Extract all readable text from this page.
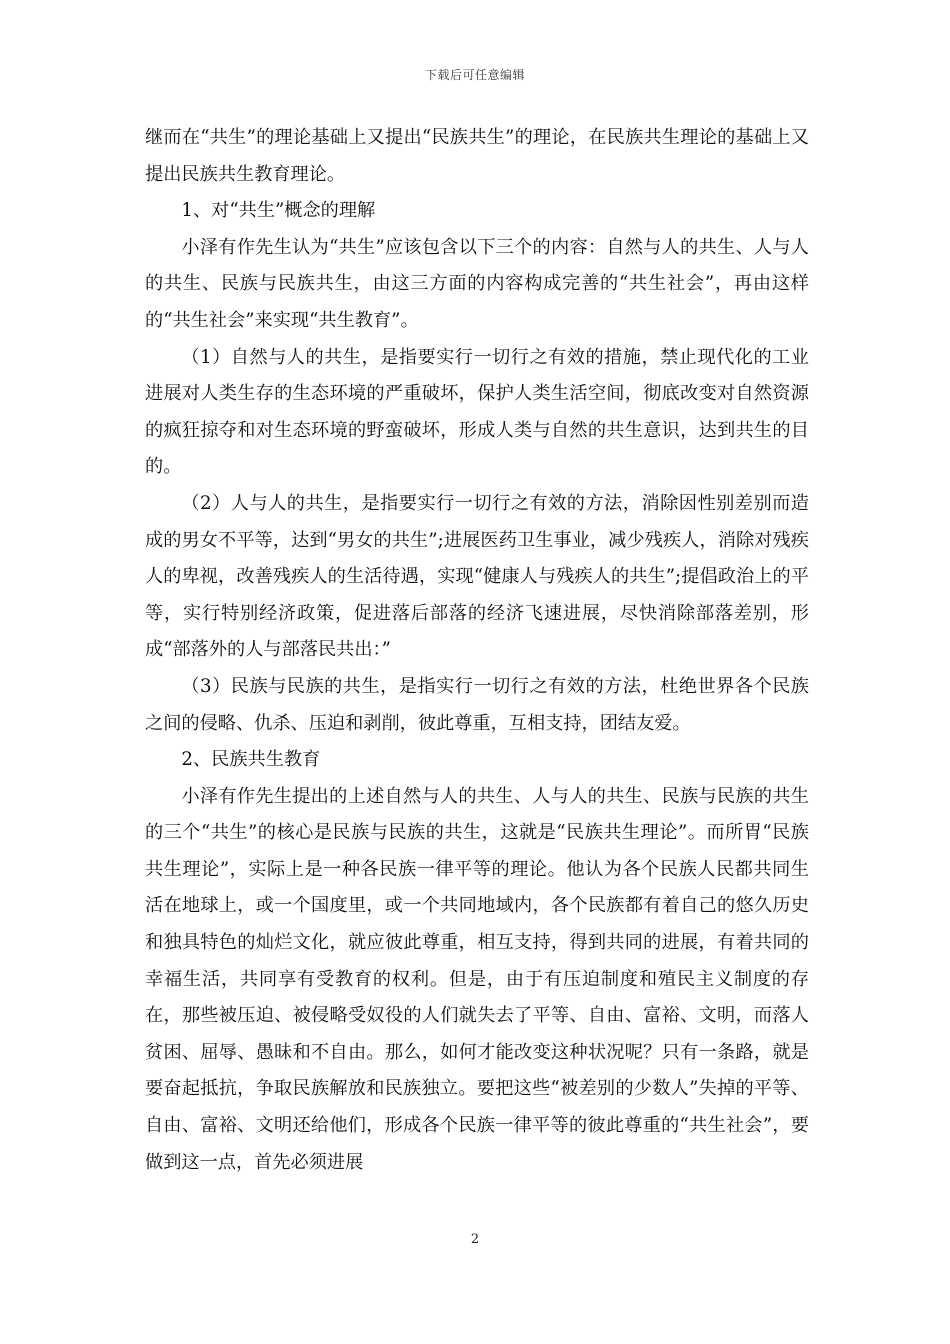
下载后可任意编辑

继而在“共生”的理论基础上又提出“民族共生”的理论，在民族共生理论的基础上又提出民族共生教育理论。

1、对“共生”概念的理解

小泽有作先生认为“共生”应该包含以下三个的内容：自然与人的共生、人与人的共生、民族与民族共生，由这三方面的内容构成完善的“共生社会”，再由这样的“共生社会”来实现“共生教育”。

（1）自然与人的共生，是指要实行一切行之有效的措施，禁止现代化的工业进展对人类生存的生态环境的严重破坏，保护人类生活空间，彻底改变对自然资源的疯狂掠夺和对生态环境的野蛮破坏，形成人类与自然的共生意识，达到共生的目的。

（2）人与人的共生，是指要实行一切行之有效的方法，消除因性别差别而造成的男女不平等，达到“男女的共生”;进展医药卫生事业，减少残疾人，消除对残疾人的卑视，改善残疾人的生活待遇，实现“健康人与残疾人的共生”;提倡政治上的平等，实行特别经济政策，促进落后部落的经济飞速进展，尽快消除部落差别，形成“部落外的人与部落民共出：”

（3）民族与民族的共生，是指实行一切行之有效的方法，杜绝世界各个民族之间的侵略、仇杀、压迫和剥削，彼此尊重，互相支持，团结友爱。

2、民族共生教育

小泽有作先生提出的上述自然与人的共生、人与人的共生、民族与民族的共生的三个“共生”的核心是民族与民族的共生，这就是“民族共生理论”。而所胃“民族共生理论”，实际上是一种各民族一律平等的理论。他认为各个民族人民都共同生活在地球上，或一个国度里，或一个共同地域内，各个民族都有着自己的悠久历史和独具特色的灿烂文化，就应彼此尊重，相互支持，得到共同的进展，有着共同的幸福生活，共同享有受教育的权利。但是，由于有压迫制度和殖民主义制度的存在，那些被压迫、被侵略受奴役的人们就失去了平等、自由、富裕、文明，而落人贫困、屈辱、愚昧和不自由。那么，如何才能改变这种状况呢？只有一条路，就是要奋起抵抗，争取民族解放和民族独立。要把这些“被差别的少数人”失掉的平等、自由、富裕、文明还给他们，形成各个民族一律平等的彼此尊重的“共生社会”，要做到这一点，首先必须进展

2
